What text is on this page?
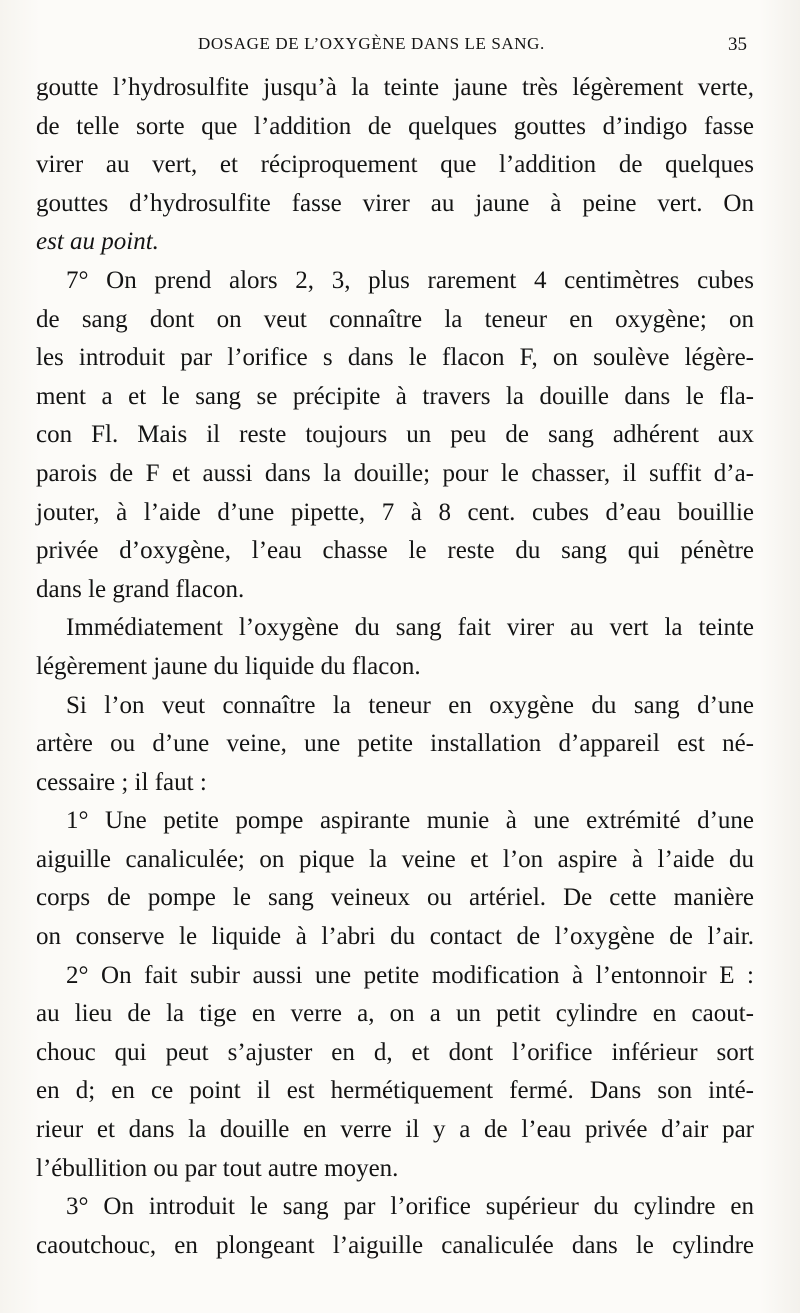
DOSAGE DE L’OXYGÈNE DANS LE SANG.	35
goutte l’hydrosulfite jusqu’à la teinte jaune très légèrement verte,
de telle sorte que l’addition de quelques gouttes d’indigo fasse
virer au vert, et réciproquement que l’addition de quelques
gouttes d’hydrosulfite fasse virer au jaune à peine vert. On
est au point.
7° On prend alors 2, 3, plus rarement 4 centimètres cubes
de sang dont on veut connaître la teneur en oxygène; on
les introduit par l’orifice s dans le flacon F, on soulève légère-
ment a et le sang se précipite à travers la douille dans le fla-
con Fl. Mais il reste toujours un peu de sang adhérent aux
parois de F et aussi dans la douille; pour le chasser, il suffit d’a-
jouter, à l’aide d’une pipette, 7 à 8 cent. cubes d’eau bouillie
privée d’oxygène, l’eau chasse le reste du sang qui pénètre
dans le grand flacon.
Immédiatement l’oxygène du sang fait virer au vert la teinte
légèrement jaune du liquide du flacon.
Si l’on veut connaître la teneur en oxygène du sang d’une
artère ou d’une veine, une petite installation d’appareil est né-
cessaire ; il faut :
1° Une petite pompe aspirante munie à une extrémité d’une
aiguille canaliculée; on pique la veine et l’on aspire à l’aide du
corps de pompe le sang veineux ou artériel. De cette manière
on conserve le liquide à l’abri du contact de l’oxygène de l’air.
2° On fait subir aussi une petite modification à l’entonnoir E :
au lieu de la tige en verre a, on a un petit cylindre en caout-
chouc qui peut s’ajuster en d, et dont l’orifice inférieur sort
en d; en ce point il est hermétiquement fermé. Dans son inté-
rieur et dans la douille en verre il y a de l’eau privée d’air par
l’ébullition ou par tout autre moyen.
3° On introduit le sang par l’orifice supérieur du cylindre en
caoutchouc, en plongeant l’aiguille canaliculée dans le cylindre
